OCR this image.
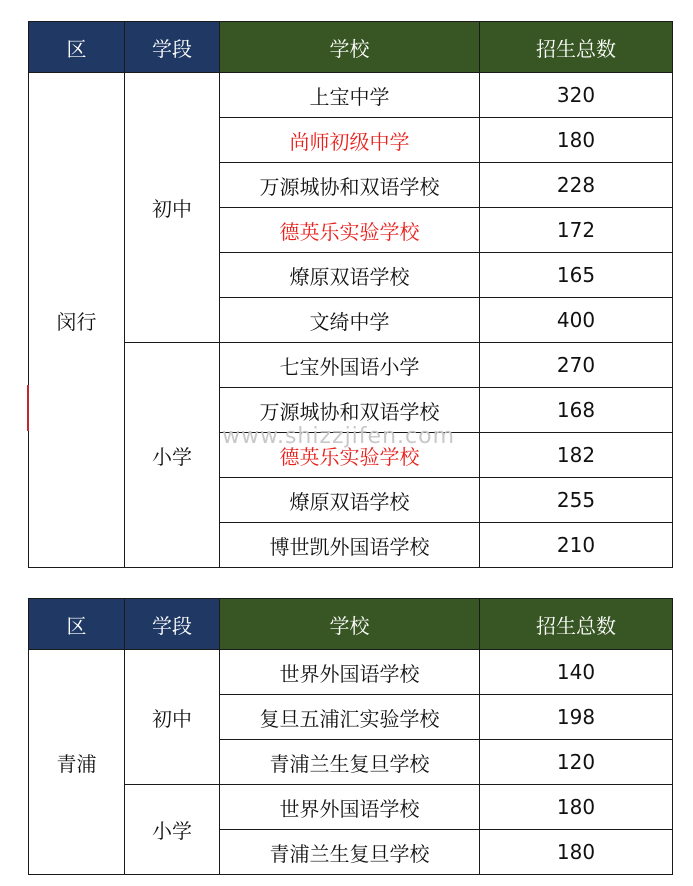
区	学段	学校	招生总数
闵行	初中	上宝中学	320
		尚师初级中学	180
		万源城协和双语学校	228
		德英乐实验学校	172
		燎原双语学校	165
		文绮中学	400
	小学	七宝外国语小学	270
		万源城协和双语学校	168
		德英乐实验学校	182
		燎原双语学校	255
		博世凯外国语学校	210
区	学段	学校	招生总数
青浦	初中	世界外国语学校	140
		复旦五浦汇实验学校	198
		青浦兰生复旦学校	120
	小学	世界外国语学校	180
		青浦兰生复旦学校	180
www.shizzjifen.com
